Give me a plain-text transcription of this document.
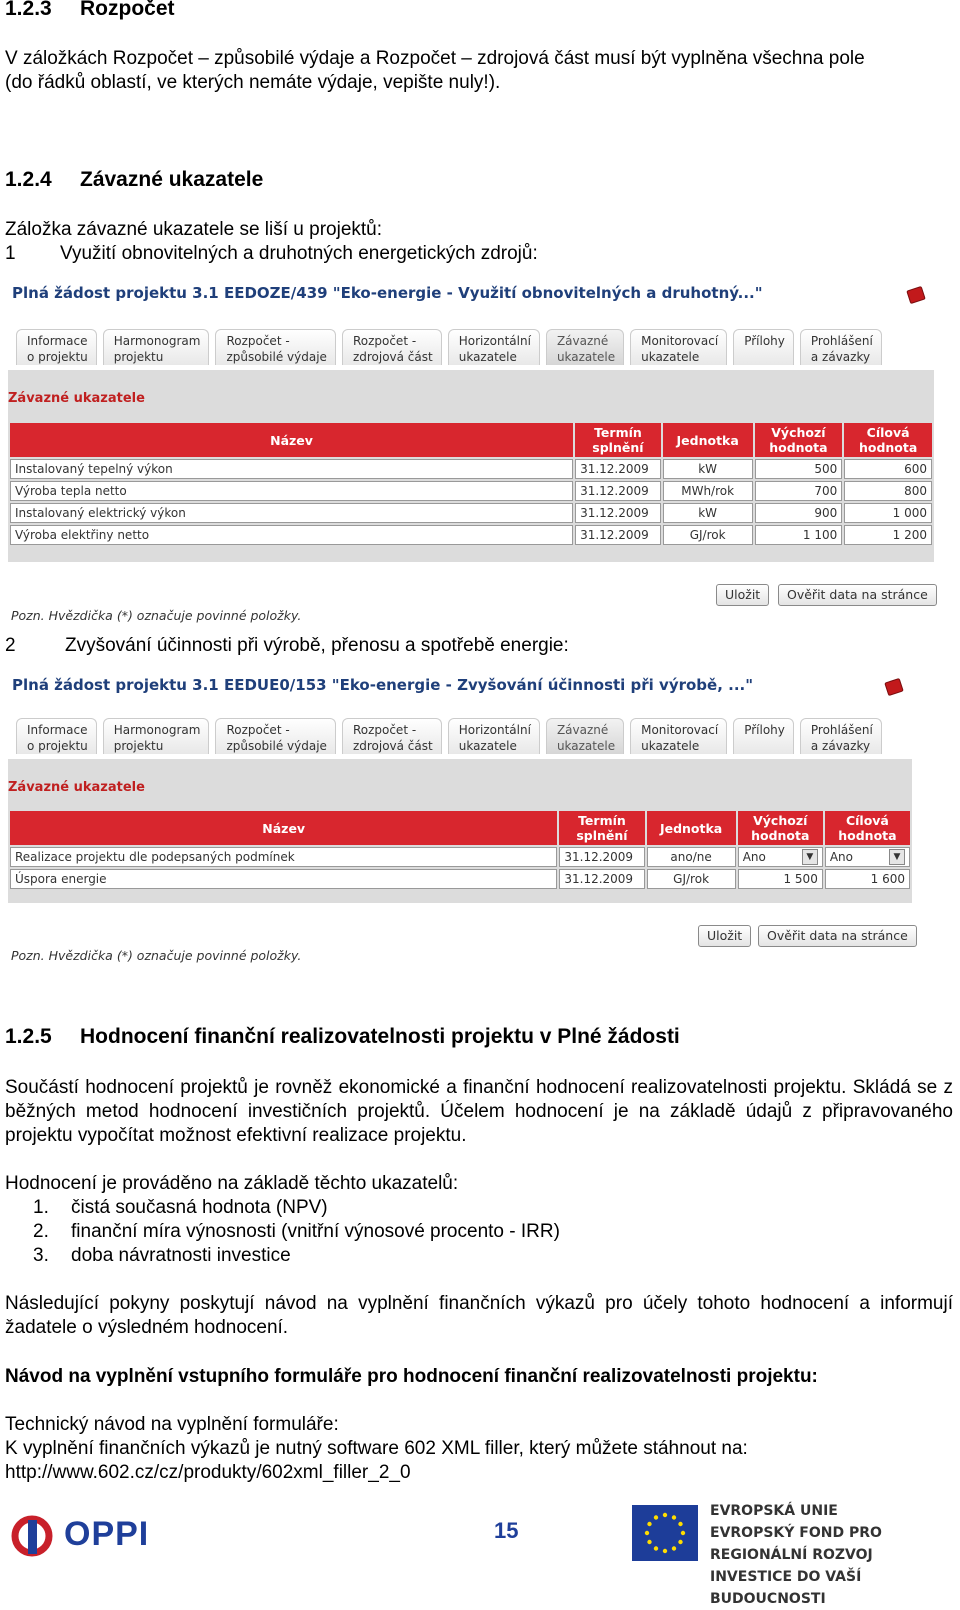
1.2.3 Rozpočet
V záložkách Rozpočet – způsobilé výdaje a Rozpočet – zdrojová část musí být vyplněna všechna pole
(do řádků oblastí, ve kterých nemáte výdaje, vepište nuly!).
1.2.4 Závazné ukazatele
Záložka závazné ukazatele se liší u projektů:
1 Využití obnovitelných a druhotných energetických zdrojů:
Plná žádost projektu 3.1 EEDOZE/439 "Eko-energie - Využití obnovitelných a druhotný..."
Informace
o projektu
Harmonogram
projektu
Rozpočet -
způsobilé výdaje
Rozpočet -
zdrojová část
Horizontální
ukazatele
Závazné
ukazatele
Monitorovací
ukazatele
Přílohy	Prohlášení
a závazky
Závazné ukazatele
Název	Termín
splnění	Jednotka	Výchozí
hodnota	Cílová
hodnota
Instalovaný tepelný výkon	31.12.2009	kW	500	600
Výroba tepla netto	31.12.2009	MWh/rok	700	800
Instalovaný elektrický výkon	31.12.2009	kW	900	1 000
Výroba elektřiny netto	31.12.2009	GJ/rok	1 100	1 200
Uložit	Ověřit data na stránce
Pozn. Hvězdička (*) označuje povinné položky.
2	Zvyšování účinnosti při výrobě, přenosu a spotřebě energie:
Plná žádost projektu 3.1 EEDUE0/153 "Eko-energie - Zvyšování účinnosti při výrobě, ..."
Informace
o projektu
Harmonogram
projektu
Rozpočet -
způsobilé výdaje
Rozpočet -
zdrojová část
Horizontální
ukazatele
Závazné
ukazatele
Monitorovací
ukazatele
Přílohy	Prohlášení
a závazky
Závazné ukazatele
Název	Termín
splnění	Jednotka	Výchozí
hodnota	Cílová
hodnota
Realizace projektu dle podepsaných podmínek	31.12.2009	ano/ne	Ano ▼	Ano ▼

Úspora energie	31.12.2009	GJ/rok	1 500	1 600
Uložit	Ověřit data na stránce
Pozn. Hvězdička (*) označuje povinné položky.
1.2.5 Hodnocení finanční realizovatelnosti projektu v Plné žádosti
Součástí hodnocení projektů je rovněž ekonomické a finanční hodnocení realizovatelnosti projektu. Skládá se z běžných metod hodnocení investičních projektů. Účelem hodnocení je na základě údajů z připravovaného projektu vypočítat možnost efektivní realizace projektu.
Hodnocení je prováděno na základě těchto ukazatelů:
1. čistá současná hodnota (NPV)
2. finanční míra výnosnosti (vnitřní výnosové procento - IRR)
3. doba návratnosti investice
Následující pokyny poskytují návod na vyplnění finančních výkazů pro účely tohoto hodnocení a informují žadatele o výsledném hodnocení.
Návod na vyplnění vstupního formuláře pro hodnocení finanční realizovatelnosti projektu:
Technický návod na vyplnění formuláře:
K vyplnění finančních výkazů je nutný software 602 XML filler, který můžete stáhnout na:
http://www.602.cz/cz/produkty/602xml_filler_2_0
OPPI	15
EVROPSKÁ UNIE
EVROPSKÝ FOND PRO REGIONÁLNÍ ROZVOJ
INVESTICE DO VAŠÍ BUDOUCNOSTI
